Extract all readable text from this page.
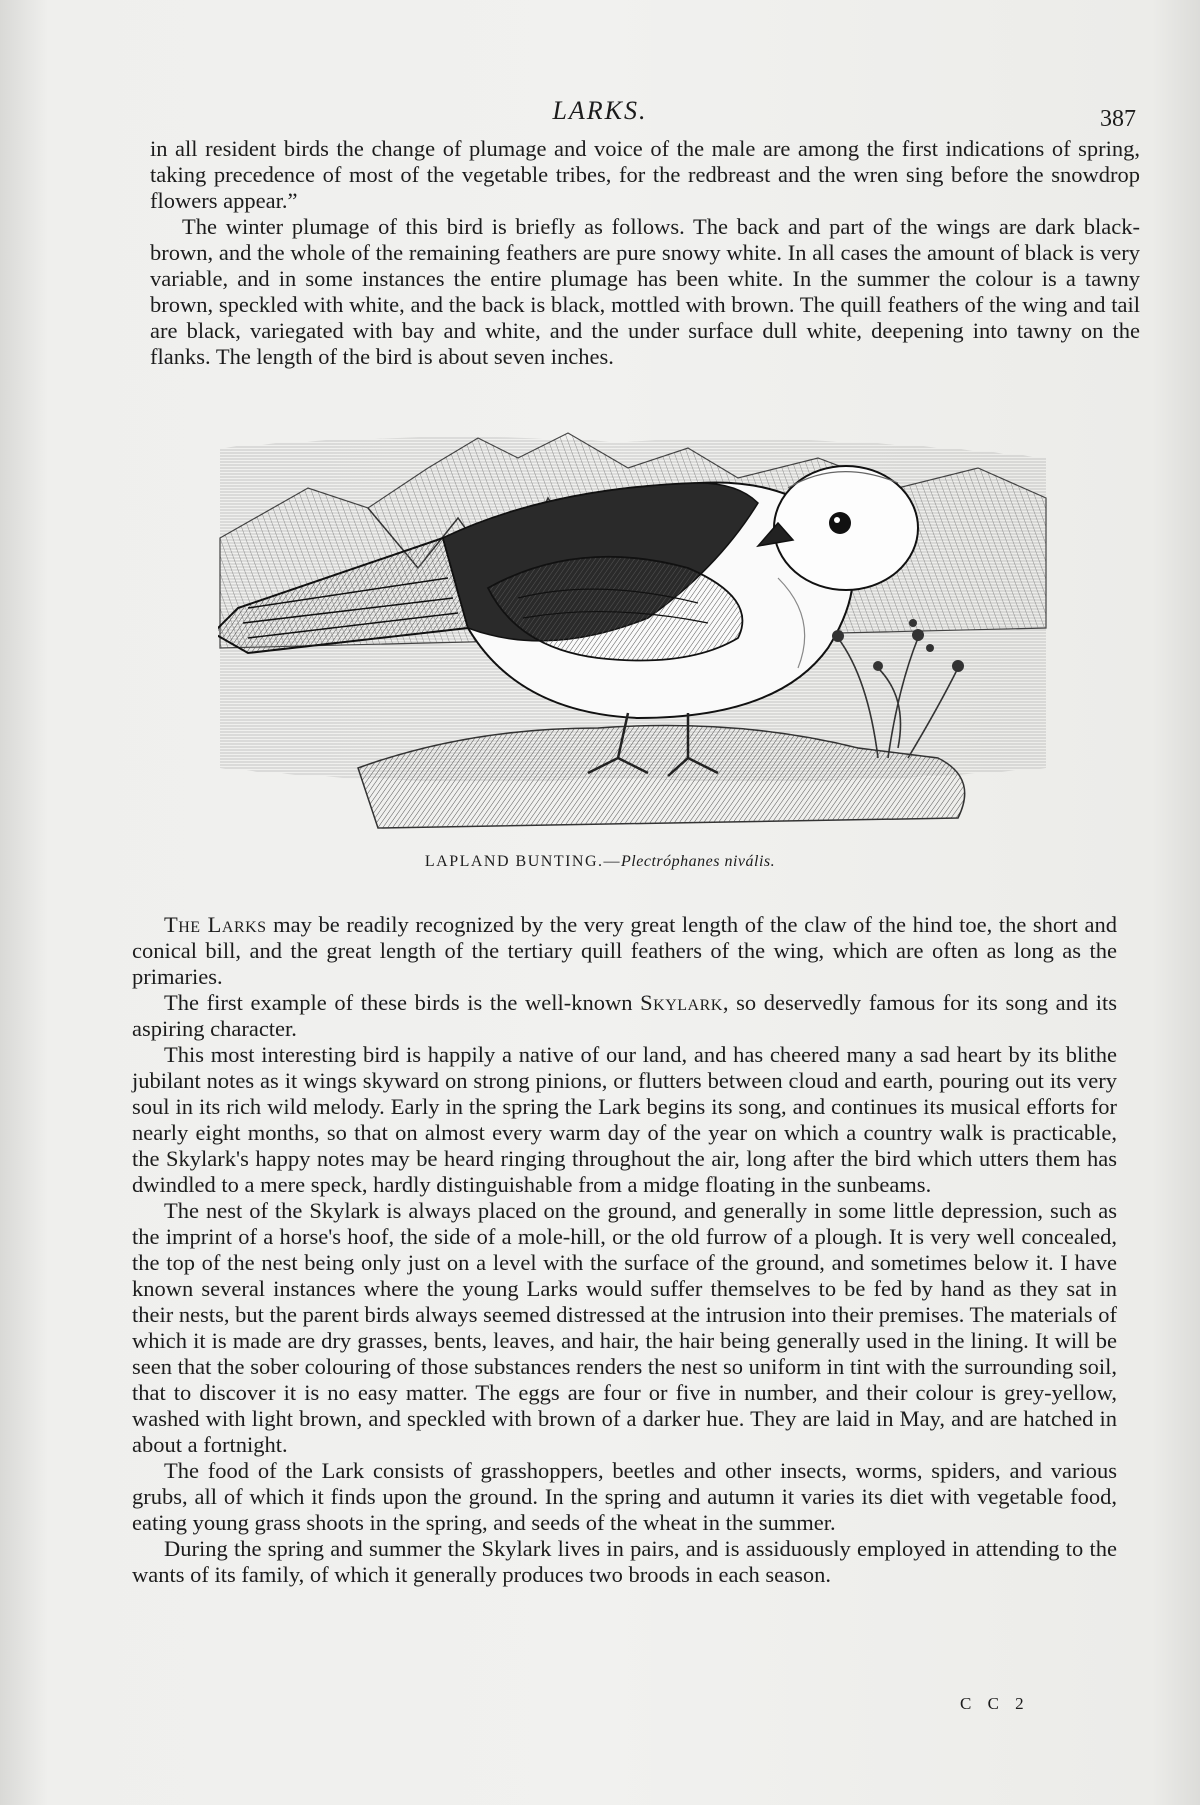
LARKS.	387

in all resident birds the change of plumage and voice of the male are among the first indications of spring, taking precedence of most of the vegetable tribes, for the redbreast and the wren sing before the snowdrop flowers appear.”

The winter plumage of this bird is briefly as follows. The back and part of the wings are dark black-brown, and the whole of the remaining feathers are pure snowy white. In all cases the amount of black is very variable, and in some instances the entire plumage has been white. In the summer the colour is a tawny brown, speckled with white, and the back is black, mottled with brown. The quill feathers of the wing and tail are black, variegated with bay and white, and the under surface dull white, deepening into tawny on the flanks. The length of the bird is about seven inches.

LAPLAND BUNTING.—Plectróphanes nivális.

The Larks may be readily recognized by the very great length of the claw of the hind toe, the short and conical bill, and the great length of the tertiary quill feathers of the wing, which are often as long as the primaries.

The first example of these birds is the well-known Skylark, so deservedly famous for its song and its aspiring character.

This most interesting bird is happily a native of our land, and has cheered many a sad heart by its blithe jubilant notes as it wings skyward on strong pinions, or flutters between cloud and earth, pouring out its very soul in its rich wild melody. Early in the spring the Lark begins its song, and continues its musical efforts for nearly eight months, so that on almost every warm day of the year on which a country walk is practicable, the Skylark's happy notes may be heard ringing throughout the air, long after the bird which utters them has dwindled to a mere speck, hardly distinguishable from a midge floating in the sunbeams.

The nest of the Skylark is always placed on the ground, and generally in some little depression, such as the imprint of a horse's hoof, the side of a mole-hill, or the old furrow of a plough. It is very well concealed, the top of the nest being only just on a level with the surface of the ground, and sometimes below it. I have known several instances where the young Larks would suffer themselves to be fed by hand as they sat in their nests, but the parent birds always seemed distressed at the intrusion into their premises. The materials of which it is made are dry grasses, bents, leaves, and hair, the hair being generally used in the lining. It will be seen that the sober colouring of those substances renders the nest so uniform in tint with the surrounding soil, that to discover it is no easy matter. The eggs are four or five in number, and their colour is grey-yellow, washed with light brown, and speckled with brown of a darker hue. They are laid in May, and are hatched in about a fortnight.

The food of the Lark consists of grasshoppers, beetles and other insects, worms, spiders, and various grubs, all of which it finds upon the ground. In the spring and autumn it varies its diet with vegetable food, eating young grass shoots in the spring, and seeds of the wheat in the summer.

During the spring and summer the Skylark lives in pairs, and is assiduously employed in attending to the wants of its family, of which it generally produces two broods in each season.

C C 2
